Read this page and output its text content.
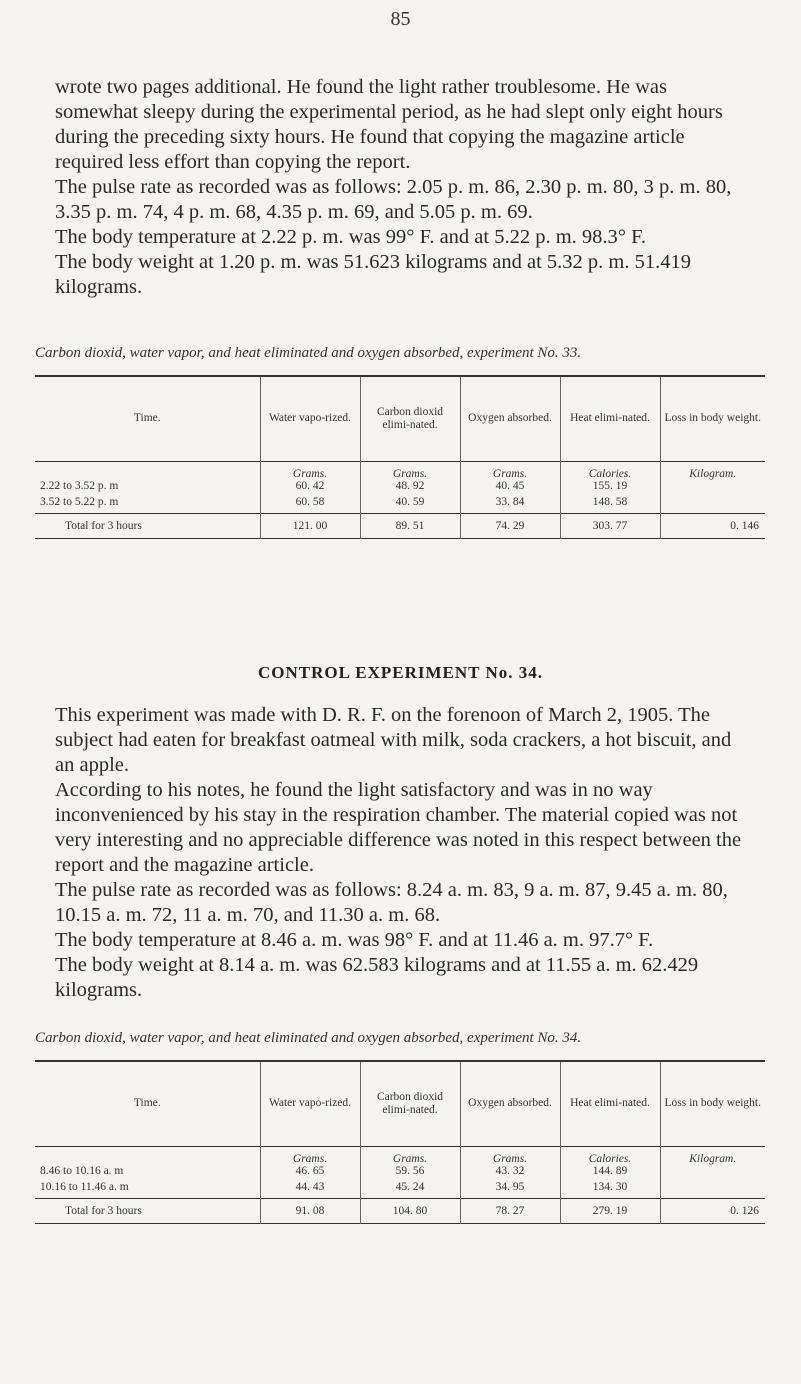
85

wrote two pages additional. He found the light rather troublesome. He was somewhat sleepy during the experimental period, as he had slept only eight hours during the preceding sixty hours. He found that copying the magazine article required less effort than copying the report.

The pulse rate as recorded was as follows: 2.05 p. m. 86, 2.30 p. m. 80, 3 p. m. 80, 3.35 p. m. 74, 4 p. m. 68, 4.35 p. m. 69, and 5.05 p. m. 69.

The body temperature at 2.22 p. m. was 99° F. and at 5.22 p. m. 98.3° F.

The body weight at 1.20 p. m. was 51.623 kilograms and at 5.32 p. m. 51.419 kilograms.

Carbon dioxid, water vapor, and heat eliminated and oxygen absorbed, experiment No. 33.
Time.	Water vapo-rized.	Carbon dioxid elimi-nated.	Oxygen absorbed.	Heat elimi-nated.	Loss in body weight.
	Grams.	Grams.	Grams.	Calories.	Kilogram.
2.22 to 3.52 p. m	60. 42	48. 92	40. 45	155. 19	
3.52 to 5.22 p. m	60. 58	40. 59	33. 84	148. 58	
Total for 3 hours	121. 00	89. 51	74. 29	303. 77	0. 146
CONTROL EXPERIMENT No. 34.

This experiment was made with D. R. F. on the forenoon of March 2, 1905. The subject had eaten for breakfast oatmeal with milk, soda crackers, a hot biscuit, and an apple.

According to his notes, he found the light satisfactory and was in no way inconvenienced by his stay in the respiration chamber. The material copied was not very interesting and no appreciable difference was noted in this respect between the report and the magazine article.

The pulse rate as recorded was as follows: 8.24 a. m. 83, 9 a. m. 87, 9.45 a. m. 80, 10.15 a. m. 72, 11 a. m. 70, and 11.30 a. m. 68.

The body temperature at 8.46 a. m. was 98° F. and at 11.46 a. m. 97.7° F.

The body weight at 8.14 a. m. was 62.583 kilograms and at 11.55 a. m. 62.429 kilograms.

Carbon dioxid, water vapor, and heat eliminated and oxygen absorbed, experiment No. 34.
Time.	Water vapo-rized.	Carbon dioxid elimi-nated.	Oxygen absorbed.	Heat elimi-nated.	Loss in body weight.
	Grams.	Grams.	Grams.	Calories.	Kilogram.
8.46 to 10.16 a. m	46. 65	59. 56	43. 32	144. 89	
10.16 to 11.46 a. m	44. 43	45. 24	34. 95	134. 30	
Total for 3 hours	91. 08	104. 80	78. 27	279. 19	0. 126
